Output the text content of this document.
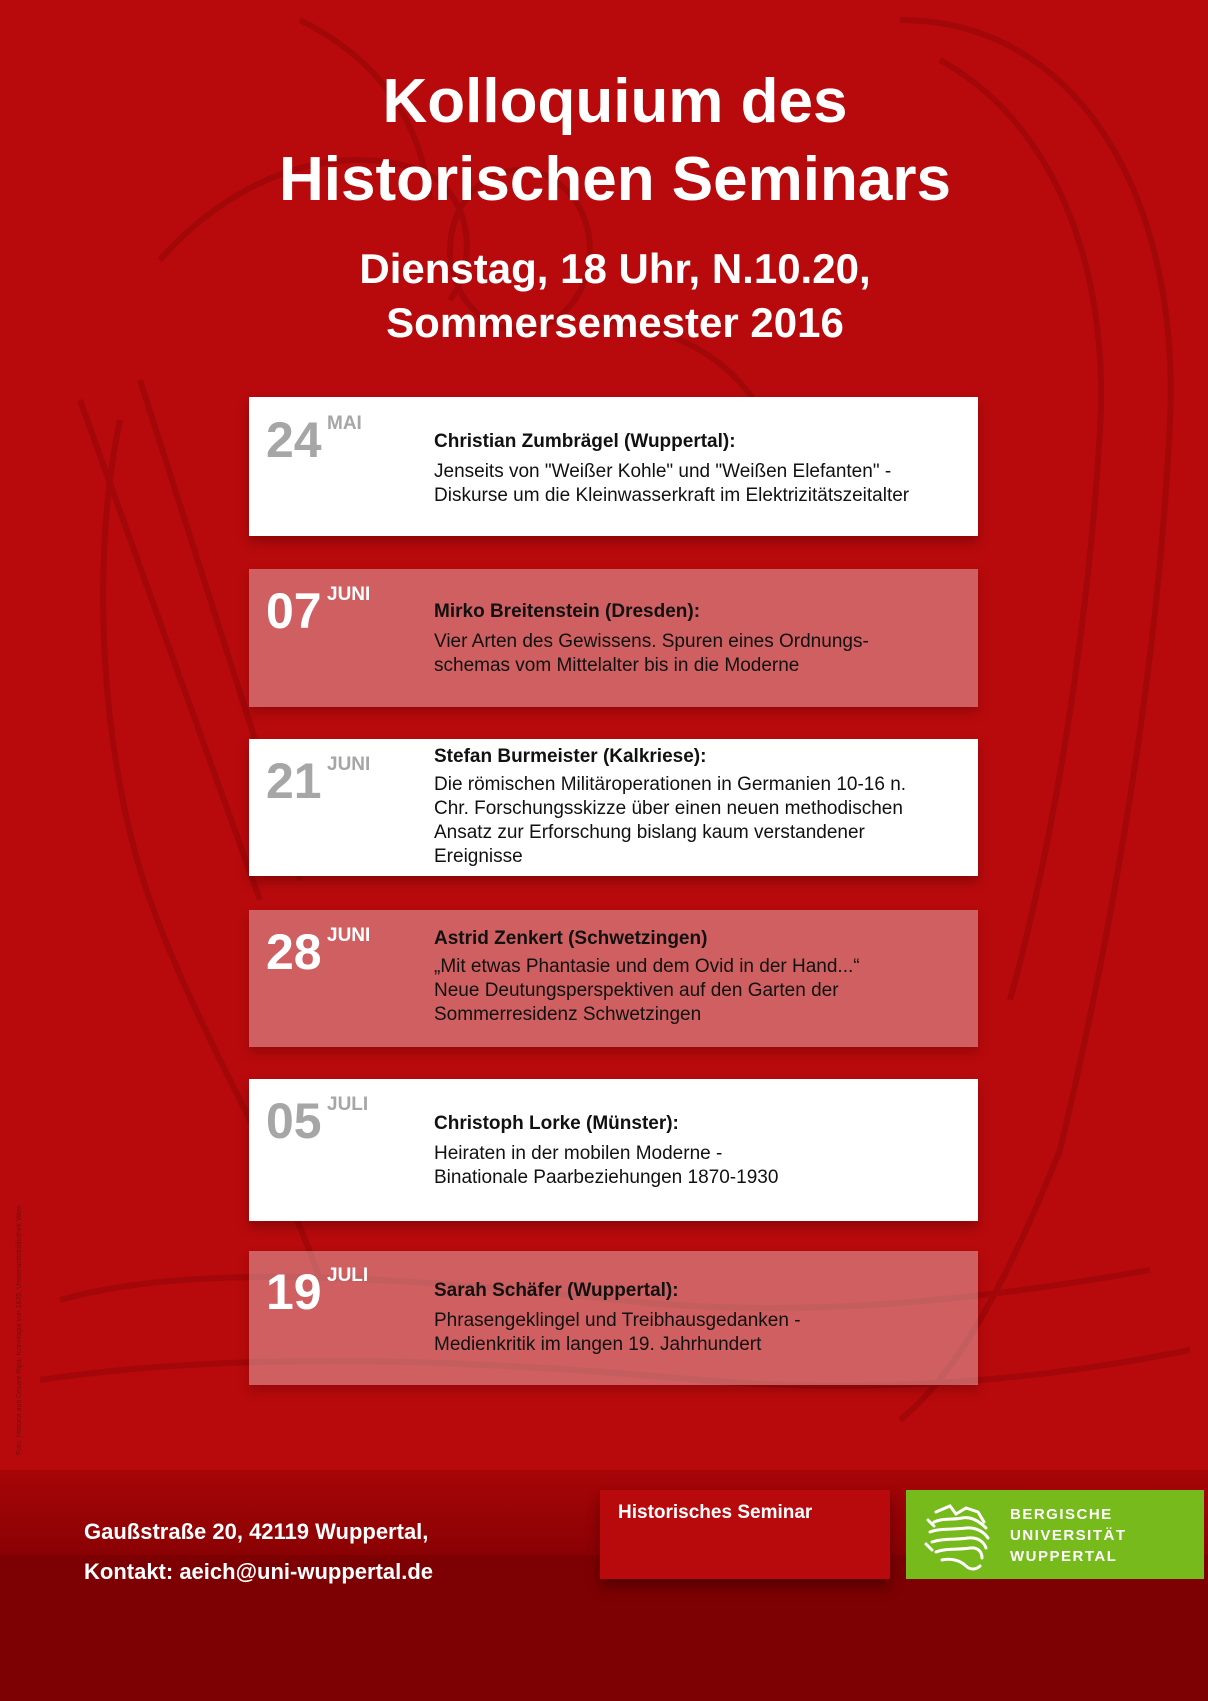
Kolloquium des
Historischen Seminars
Dienstag, 18 Uhr, N.10.20,
Sommersemester 2016
24 MAI
Christian Zumbrägel (Wuppertal):
Jenseits von "Weißer Kohle" und "Weißen Elefanten" -
Diskurse um die Kleinwasserkraft im Elektrizitätszeitalter
07 JUNI
Mirko Breitenstein (Dresden):
Vier Arten des Gewissens. Spuren eines Ordnungs-
schemas vom Mittelalter bis in die Moderne
21 JUNI	Stefan Burmeister (Kalkriese):
Die römischen Militäroperationen in Germanien 10-16 n.
Chr. Forschungsskizze über einen neuen methodischen
Ansatz zur Erforschung bislang kaum verstandener
Ereignisse
28 JUNI	Astrid Zenkert (Schwetzingen)
„Mit etwas Phantasie und dem Ovid in der Hand...“
Neue Deutungsperspektiven auf den Garten der
Sommerresidenz Schwetzingen
05 JULI
Christoph Lorke (Münster):
Heiraten in der mobilen Moderne -
Binationale Paarbeziehungen 1870-1930
19 JULI
Sarah Schäfer (Wuppertal):
Phrasengeklingel und Treibhausgedanken -
Medienkritik im langen 19. Jahrhundert
Foto: Historia aus Cesare Ripa: Iconologia von 1625, Universitätsbibliothek Wien
Gaußstraße 20, 42119 Wuppertal,
Kontakt: aeich@uni-wuppertal.de
Historisches Seminar	BERGISCHE
UNIVERSITÄT
WUPPERTAL
